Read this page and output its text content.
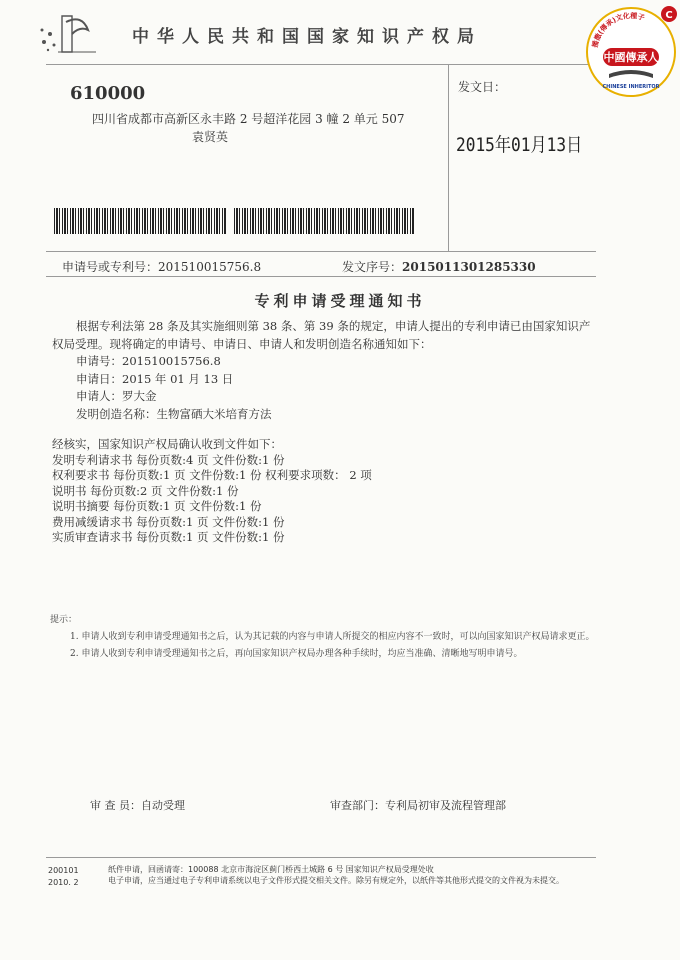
中华人民共和国国家知识产权局
610000
四川省成都市高新区永丰路 2 号超洋花园 3 幢 2 单元 507
袁贤英
发文日：
2015年01月13日
申请号或专利号：201510015756.8	发文序号：2015011301285330
专利申请受理通知书
根据专利法第 28 条及其实施细则第 38 条、第 39 条的规定，申请人提出的专利申请已由国家知识产权局受理。现将确定的申请号、申请日、申请人和发明创造名称通知如下：
申请号：201510015756.8
申请日：2015 年 01 月 13 日
申请人：罗大金
发明创造名称：生物富硒大米培育方法
经核实，国家知识产权局确认收到文件如下：
发明专利请求书 每份页数:4 页 文件份数:1 份
权利要求书 每份页数:1 页 文件份数:1 份 权利要求项数： 2 项
说明书 每份页数:2 页 文件份数:1 份
说明书摘要 每份页数:1 页 文件份数:1 份
费用减缓请求书 每份页数:1 页 文件份数:1 份
实质审查请求书 每份页数:1 页 文件份数:1 份
提示：
1. 申请人收到专利申请受理通知书之后，认为其记载的内容与申请人所提交的相应内容不一致时，可以向国家知识产权局请求更正。
2. 申请人收到专利申请受理通知书之后，再向国家知识产权局办理各种手续时，均应当准确、清晰地写明申请号。
审 查 员：自动受理	审查部门：专利局初审及流程管理部
200101
2010. 2
纸件申请，回函请寄：100088 北京市海淀区蓟门桥西土城路 6 号 国家知识产权局受理处收
电子申请，应当通过电子专利申请系统以电子文件形式提交相关文件。除另有规定外，以纸件等其他形式提交的文件视为未提交。
播撒(傳承)文化種子
中國傳承人
CHINESE INHERITOR
C
